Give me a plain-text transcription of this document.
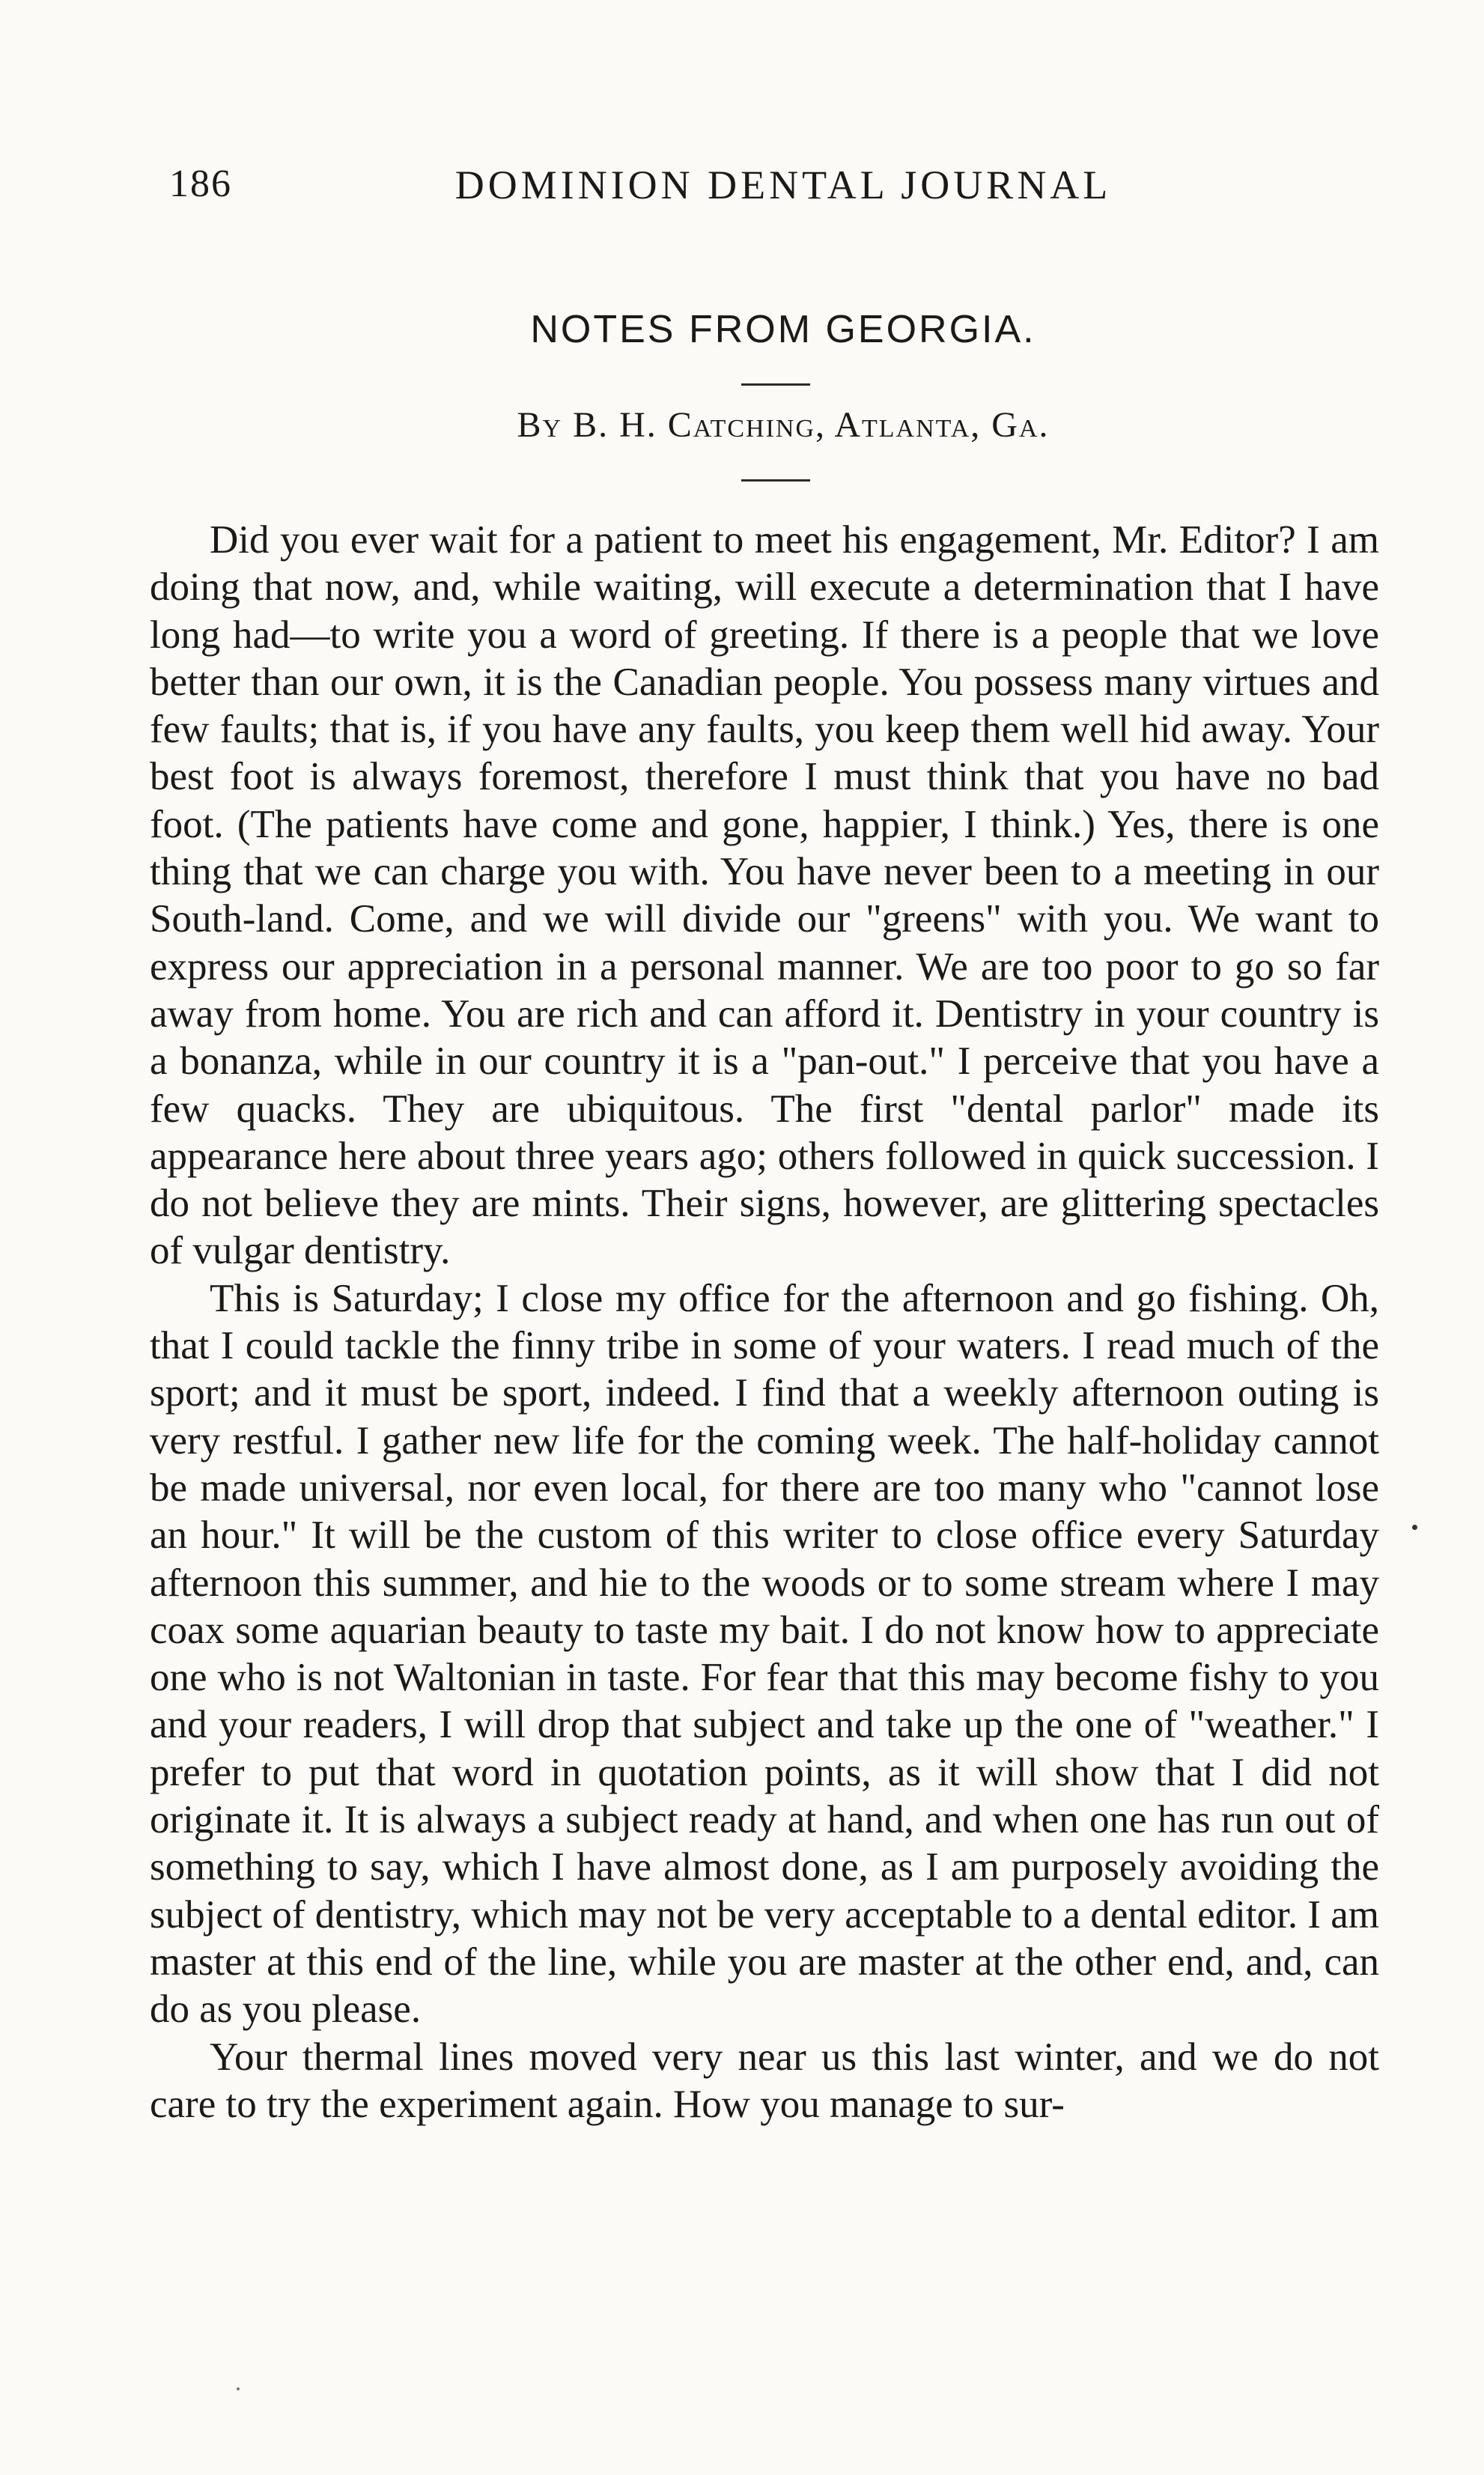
186	DOMINION DENTAL JOURNAL
NOTES FROM GEORGIA.
By B. H. Catching, Atlanta, Ga.

Did you ever wait for a patient to meet his engagement, Mr. Editor? I am doing that now, and, while waiting, will execute a determination that I have long had—to write you a word of greeting. If there is a people that we love better than our own, it is the Canadian people. You possess many virtues and few faults; that is, if you have any faults, you keep them well hid away. Your best foot is always foremost, therefore I must think that you have no bad foot. (The patients have come and gone, happier, I think.) Yes, there is one thing that we can charge you with. You have never been to a meeting in our South-land. Come, and we will divide our "greens" with you. We want to express our appreciation in a personal manner. We are too poor to go so far away from home. You are rich and can afford it. Dentistry in your country is a bonanza, while in our country it is a "pan-out." I perceive that you have a few quacks. They are ubiquitous. The first "dental parlor" made its appearance here about three years ago; others followed in quick succession. I do not believe they are mints. Their signs, however, are glittering spectacles of vulgar dentistry.

This is Saturday; I close my office for the afternoon and go fishing. Oh, that I could tackle the finny tribe in some of your waters. I read much of the sport; and it must be sport, indeed. I find that a weekly afternoon outing is very restful. I gather new life for the coming week. The half-holiday cannot be made universal, nor even local, for there are too many who "cannot lose an hour." It will be the custom of this writer to close office every Saturday afternoon this summer, and hie to the woods or to some stream where I may coax some aquarian beauty to taste my bait. I do not know how to appreciate one who is not Waltonian in taste. For fear that this may become fishy to you and your readers, I will drop that subject and take up the one of "weather." I prefer to put that word in quotation points, as it will show that I did not originate it. It is always a subject ready at hand, and when one has run out of something to say, which I have almost done, as I am purposely avoiding the subject of dentistry, which may not be very acceptable to a dental editor. I am master at this end of the line, while you are master at the other end, and, can do as you please.

Your thermal lines moved very near us this last winter, and we do not care to try the experiment again. How you manage to sur-
